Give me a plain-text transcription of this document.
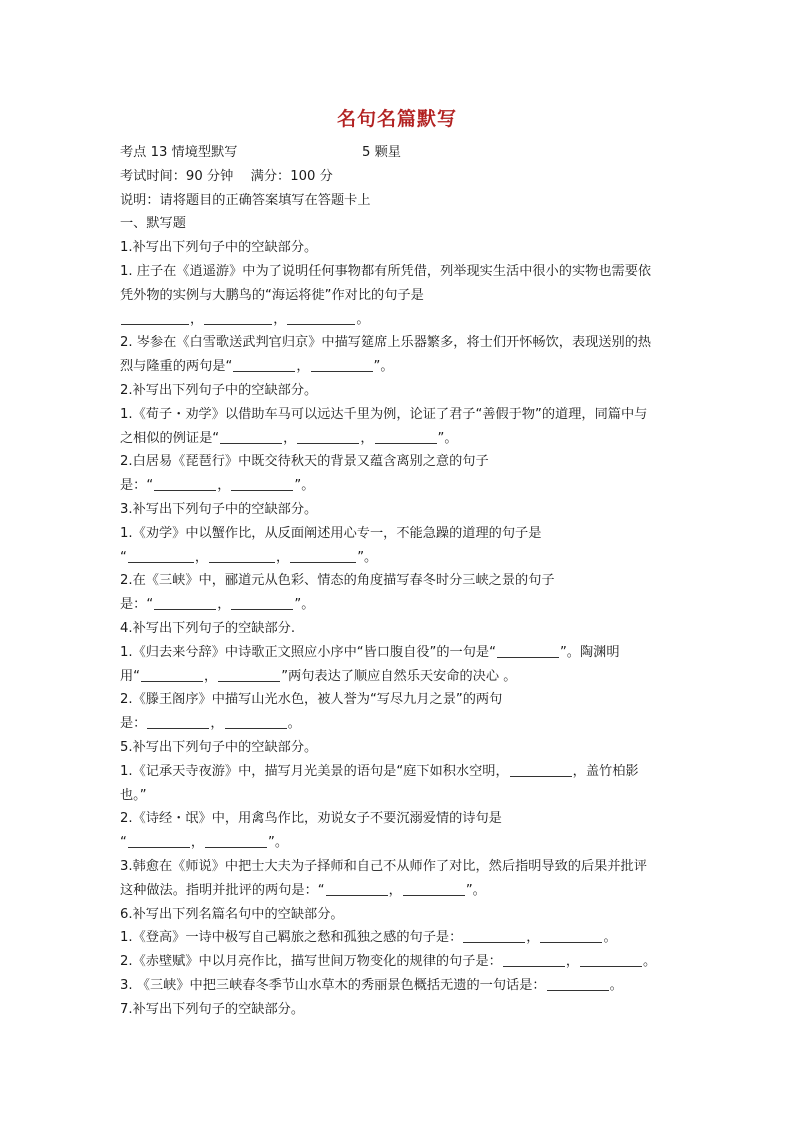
名句名篇默写
考点 13 情境型默写	5 颗星
考试时间：90 分钟　 满分：100 分
说明：请将题目的正确答案填写在答题卡上
一、默写题
1.补写出下列句子中的空缺部分。
1. 庄子在《逍遥游》中为了说明任何事物都有所凭借，列举现实生活中很小的实物也需要依
凭外物的实例与大鹏鸟的“海运将徙”作对比的句子是
，	，	。
2. 岑参在《白雪歌送武判官归京》中描写筵席上乐器繁多，将士们开怀畅饮，表现送别的热
烈与隆重的两句是“	，	”。
2.补写出下列句子中的空缺部分。
1.《荀子・劝学》以借助车马可以远达千里为例，论证了君子“善假于物”的道理，同篇中与
之相似的例证是“	，	，	”。
2.白居易《琵琶行》中既交待秋天的背景又蕴含离别之意的句子
是：“	，	”。
3.补写出下列句子中的空缺部分。
1.《劝学》中以蟹作比，从反面阐述用心专一，不能急躁的道理的句子是
“	，	，	”。
2.在《三峡》中，郦道元从色彩、情态的角度描写春冬时分三峡之景的句子
是：“	，	”。
4.补写出下列句子的空缺部分.
1.《归去来兮辞》中诗歌正文照应小序中“皆口腹自役”的一句是“	”。陶渊明
用“	，	”两句表达了顺应自然乐天安命的决心 。
2.《滕王阁序》中描写山光水色，被人誉为“写尽九月之景”的两句
是：	，	。
5.补写出下列句子中的空缺部分。
1.《记承天寺夜游》中，描写月光美景的语句是“庭下如积水空明，	，盖竹柏影
也。”
2.《诗经・氓》中，用禽鸟作比，劝说女子不要沉溺爱情的诗句是
“	，	”。
3.韩愈在《师说》中把士大夫为子择师和自己不从师作了对比，然后指明导致的后果并批评
这种做法。指明并批评的两句是：“	，	”。
6.补写出下列名篇名句中的空缺部分。
1.《登高》一诗中极写自己羁旅之愁和孤独之感的句子是：	，	。
2.《赤壁赋》中以月亮作比，描写世间万物变化的规律的句子是：	，	。
3. 《三峡》中把三峡春冬季节山水草木的秀丽景色概括无遗的一句话是：	。
7.补写出下列句子的空缺部分。
